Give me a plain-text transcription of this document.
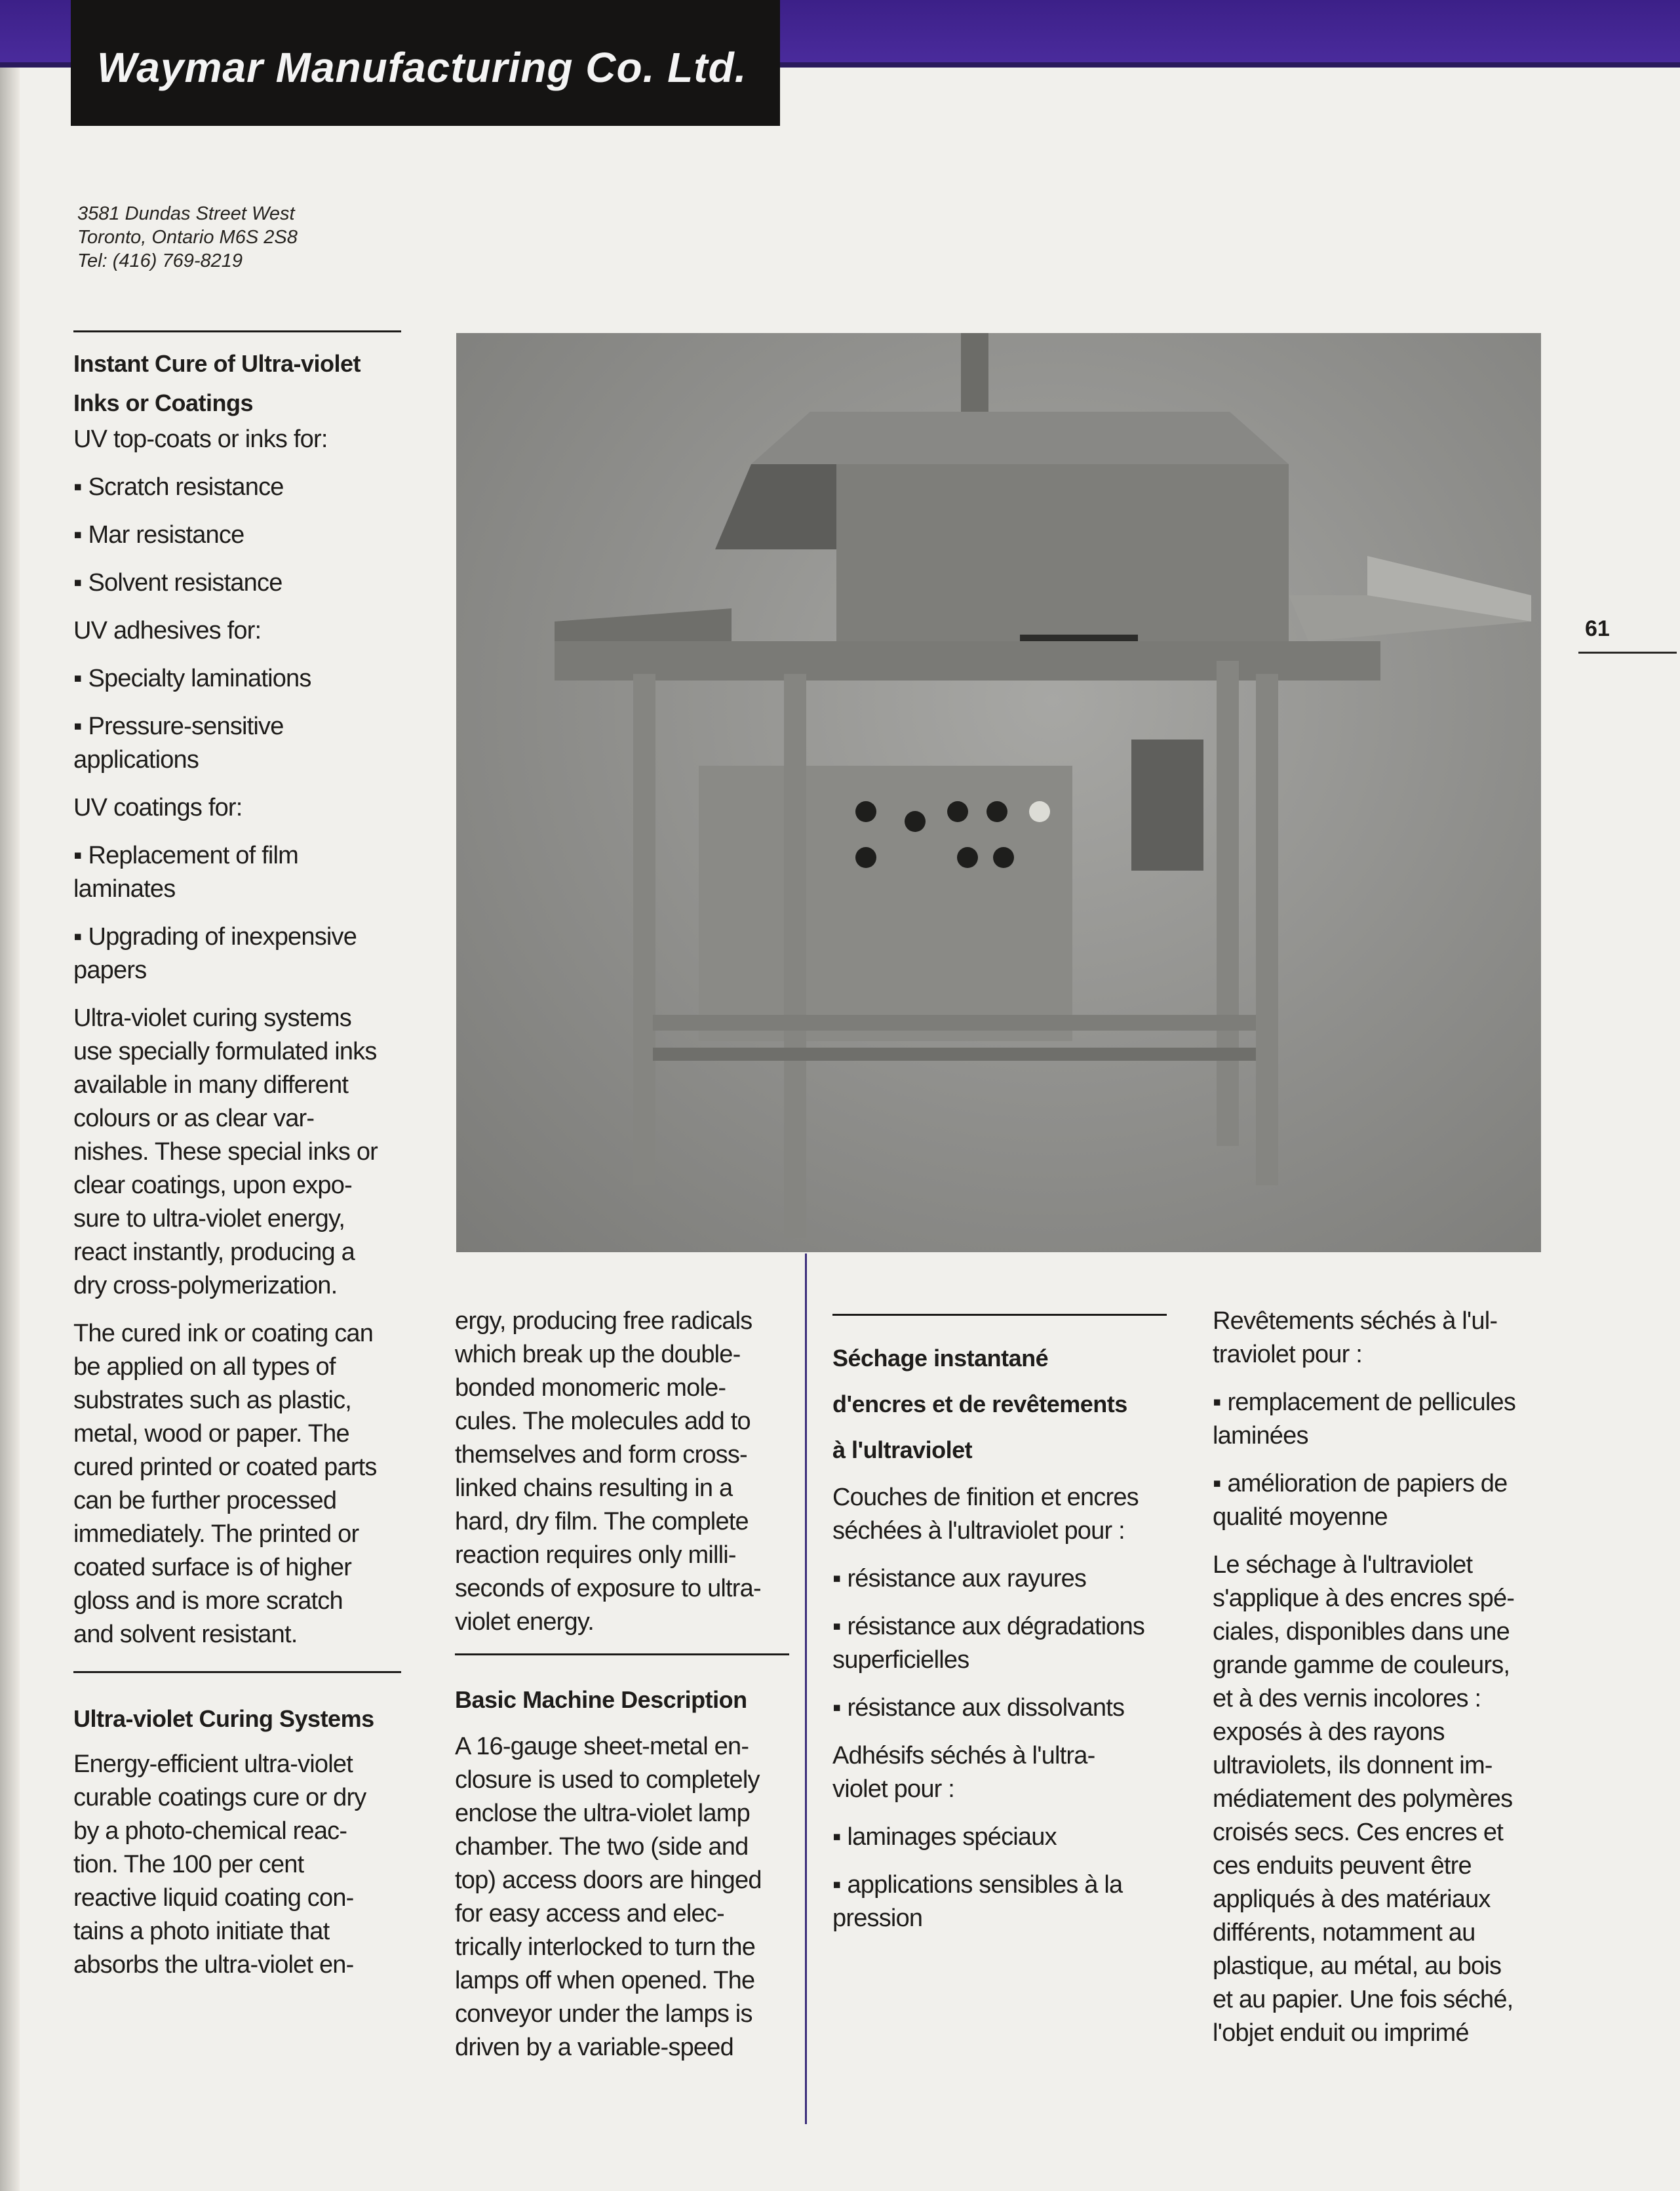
Waymar Manufacturing Co. Ltd.
3581 Dundas Street West
Toronto, Ontario M6S 2S8
Tel: (416) 769-8219
61
Instant Cure of Ultra-violet
Inks or Coatings

UV top-coats or inks for:

▪ Scratch resistance

▪ Mar resistance

▪ Solvent resistance

UV adhesives for:

▪ Specialty laminations

▪ Pressure-sensitive
applications

UV coatings for:

▪ Replacement of film
laminates

▪ Upgrading of inexpensive
papers

Ultra-violet curing systems
use specially formulated inks
available in many different
colours or as clear var-
nishes. These special inks or
clear coatings, upon expo-
sure to ultra-violet energy,
react instantly, producing a
dry cross-polymerization.

The cured ink or coating can
be applied on all types of
substrates such as plastic,
metal, wood or paper. The
cured printed or coated parts
can be further processed
immediately. The printed or
coated surface is of higher
gloss and is more scratch
and solvent resistant.

Ultra-violet Curing Systems

Energy-efficient ultra-violet
curable coatings cure or dry
by a photo-chemical reac-
tion. The 100 per cent
reactive liquid coating con-
tains a photo initiate that
absorbs the ultra-violet en-

ergy, producing free radicals
which break up the double-
bonded monomeric mole-
cules. The molecules add to
themselves and form cross-
linked chains resulting in a
hard, dry film. The complete
reaction requires only milli-
seconds of exposure to ultra-
violet energy.

Basic Machine Description

A 16-gauge sheet-metal en-
closure is used to completely
enclose the ultra-violet lamp
chamber. The two (side and
top) access doors are hinged
for easy access and elec-
trically interlocked to turn the
lamps off when opened. The
conveyor under the lamps is
driven by a variable-speed

Séchage instantané
d'encres et de revêtements
à l'ultraviolet

Couches de finition et encres
séchées à l'ultraviolet pour :

▪ résistance aux rayures

▪ résistance aux dégradations
superficielles

▪ résistance aux dissolvants

Adhésifs séchés à l'ultra-
violet pour :

▪ laminages spéciaux

▪ applications sensibles à la
pression

Revêtements séchés à l'ul-
traviolet pour :

▪ remplacement de pellicules
laminées

▪ amélioration de papiers de
qualité moyenne

Le séchage à l'ultraviolet
s'applique à des encres spé-
ciales, disponibles dans une
grande gamme de couleurs,
et à des vernis incolores :
exposés à des rayons
ultraviolets, ils donnent im-
médiatement des polymères
croisés secs. Ces encres et
ces enduits peuvent être
appliqués à des matériaux
différents, notamment au
plastique, au métal, au bois
et au papier. Une fois séché,
l'objet enduit ou imprimé
